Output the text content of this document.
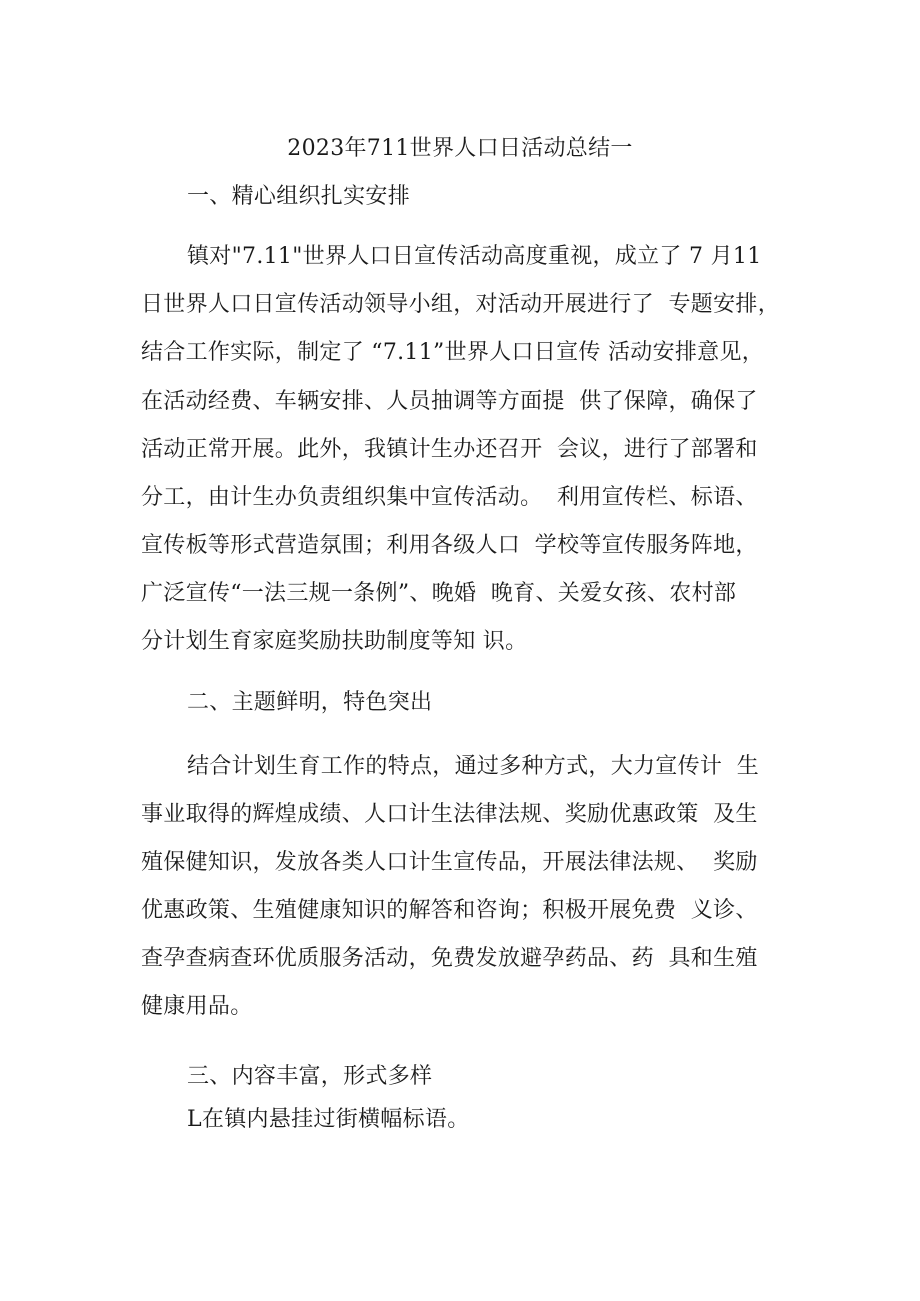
2023年711世界人口日活动总结一
一、精心组织扎实安排
镇对"7.11"世界人口日宣传活动高度重视，成立了 7 月11
日世界人口日宣传活动领导小组，对活动开展进行了  专题安排，
结合工作实际，制定了 “7.11”世界人口日宣传 活动安排意见，
在活动经费、车辆安排、人员抽调等方面提  供了保障，确保了
活动正常开展。此外，我镇计生办还召开  会议，进行了部署和
分工，由计生办负责组织集中宣传活动。  利用宣传栏、标语、
宣传板等形式营造氛围；利用各级人口  学校等宣传服务阵地，
广泛宣传“一法三规一条例”、晚婚  晚育、关爱女孩、农村部
分计划生育家庭奖励扶助制度等知 识。
二、主题鲜明，特色突出
结合计划生育工作的特点，通过多种方式，大力宣传计  生
事业取得的辉煌成绩、人口计生法律法规、奖励优惠政策  及生
殖保健知识，发放各类人口计生宣传品，开展法律法规、  奖励
优惠政策、生殖健康知识的解答和咨询；积极开展免费  义诊、
查孕查病查环优质服务活动，免费发放避孕药品、药  具和生殖
健康用品。
三、内容丰富，形式多样
L在镇内悬挂过街横幅标语。
